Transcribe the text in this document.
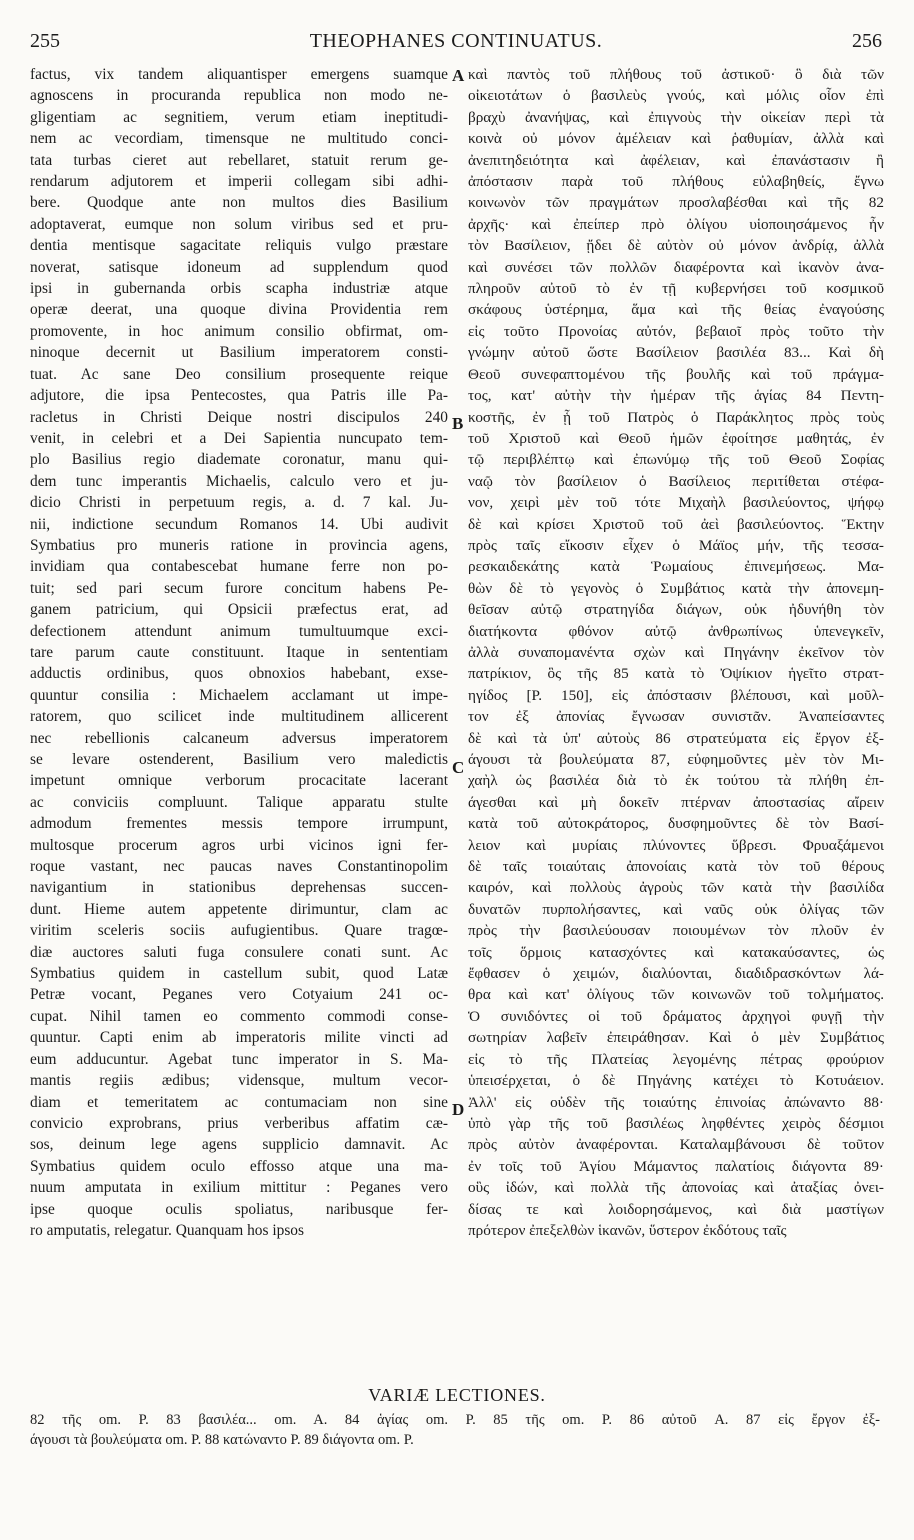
255	THEOPHANES CONTINUATUS.	256
factus, vix tandem aliquantisper emergens suamque
agnoscens in procuranda republica non modo ne-
gligentiam ac segnitiem, verum etiam ineptitudi-
nem ac vecordiam, timensque ne multitudo conci-
tata turbas cieret aut rebellaret, statuit rerum ge-
rendarum adjutorem et imperii collegam sibi adhi-
bere. Quodque ante non multos dies Basilium
adoptaverat, eumque non solum viribus sed et pru-
dentia mentisque sagacitate reliquis vulgo præstare
noverat, satisque idoneum ad supplendum quod
ipsi in gubernanda orbis scapha industriæ atque
operæ deerat, una quoque divina Providentia rem
promovente, in hoc animum consilio obfirmat, om-
ninoque decernit ut Basilium imperatorem consti-
tuat. Ac sane Deo consilium prosequente reique
adjutore, die ipsa Pentecostes, qua Patris ille Pa-
racletus in Christi Deique nostri discipulos 240
venit, in celebri et a Dei Sapientia nuncupato tem-
plo Basilius regio diademate coronatur, manu qui-
dem tunc imperantis Michaelis, calculo vero et ju-
dicio Christi in perpetuum regis, a. d. 7 kal. Ju-
nii, indictione secundum Romanos 14. Ubi audivit
Symbatius pro muneris ratione in provincia agens,
invidiam qua contabescebat humane ferre non po-
tuit; sed pari secum furore concitum habens Pe-
ganem patricium, qui Opsicii præfectus erat, ad
defectionem attendunt animum tumultuumque exci-
tare parum caute constituunt. Itaque in sententiam
adductis ordinibus, quos obnoxios habebant, exse-
quuntur consilia : Michaelem acclamant ut impe-
ratorem, quo scilicet inde multitudinem allicerent
nec rebellionis calcaneum adversus imperatorem
se levare ostenderent, Basilium vero maledictis
impetunt omnique verborum procacitate lacerant
ac conviciis compluunt. Talique apparatu stulte
admodum frementes messis tempore irrumpunt,
multosque procerum agros urbi vicinos igni fer-
roque vastant, nec paucas naves Constantinopolim
navigantium in stationibus deprehensas succen-
dunt. Hieme autem appetente dirimuntur, clam ac
viritim sceleris sociis aufugientibus. Quare tragœ-
diæ auctores saluti fuga consulere conati sunt. Ac
Symbatius quidem in castellum subit, quod Latæ
Petræ vocant, Peganes vero Cotyaium 241 oc-
cupat. Nihil tamen eo commento commodi conse-
quuntur. Capti enim ab imperatoris milite vincti ad
eum adducuntur. Agebat tunc imperator in S. Ma-
mantis regiis ædibus; vidensque, multum vecor-
diam et temeritatem ac contumaciam non sine
convicio exprobrans, prius verberibus affatim cæ-
sos, deinum lege agens supplicio damnavit. Ac
Symbatius quidem oculo effosso atque una ma-
nuum amputata in exilium mittitur : Peganes vero
ipse quoque oculis spoliatus, naribusque fer-
ro amputatis, relegatur. Quanquam hos ipsos
καὶ παντὸς τοῦ πλήθους τοῦ ἀστικοῦ· ὃ διὰ τῶν
οἰκειοτάτων ὁ βασιλεὺς γνούς, καὶ μόλις οἷον ἐπὶ
βραχὺ ἀνανήψας, καὶ ἐπιγνοὺς τὴν οἰκείαν περὶ τὰ
κοινὰ οὐ μόνον ἀμέλειαν καὶ ῥαθυμίαν, ἀλλὰ καὶ
ἀνεπιτηδειότητα καὶ ἀφέλειαν, καὶ ἐπανάστασιν ἢ
ἀπόστασιν παρὰ τοῦ πλήθους εὐλαβηθείς, ἔγνω
κοινωνὸν τῶν πραγμάτων προσλαβέσθαι καὶ τῆς 82
ἀρχῆς· καὶ ἐπείπερ πρὸ ὀλίγου υἱοποιησάμενος ἦν
τὸν Βασίλειον, ᾔδει δὲ αὐτὸν οὐ μόνον ἀνδρίᾳ, ἀλλὰ
καὶ συνέσει τῶν πολλῶν διαφέροντα καὶ ἱκανὸν ἀνα-
πληροῦν αὐτοῦ τὸ ἐν τῇ κυβερνήσει τοῦ κοσμικοῦ
σκάφους ὑστέρημα, ἅμα καὶ τῆς θείας ἐναγούσης
εἰς τοῦτο Προνοίας αὐτόν, βεβαιοῖ πρὸς τοῦτο τὴν
γνώμην αὐτοῦ ὥστε Βασίλειον βασιλέα 83... Καὶ δὴ
Θεοῦ συνεφαπτομένου τῆς βουλῆς καὶ τοῦ πράγμα-
τος, κατ' αὐτὴν τὴν ἡμέραν τῆς ἁγίας 84 Πεντη-
κοστῆς, ἐν ᾗ τοῦ Πατρὸς ὁ Παράκλητος πρὸς τοὺς
τοῦ Χριστοῦ καὶ Θεοῦ ἡμῶν ἐφοίτησε μαθητάς, ἐν
τῷ περιβλέπτῳ καὶ ἐπωνύμῳ τῆς τοῦ Θεοῦ Σοφίας
ναῷ τὸν βασίλειον ὁ Βασίλειος περιτίθεται στέφα-
νον, χειρὶ μὲν τοῦ τότε Μιχαὴλ βασιλεύοντος, ψήφῳ
δὲ καὶ κρίσει Χριστοῦ τοῦ ἀεὶ βασιλεύοντος. Ἕκτην
πρὸς ταῖς εἴκοσιν εἶχεν ὁ Μάϊος μήν, τῆς τεσσα-
ρεσκαιδεκάτης κατὰ Ῥωμαίους ἐπινεμήσεως. Μα-
θὼν δὲ τὸ γεγονὸς ὁ Συμβάτιος κατὰ τὴν ἀπονεμη-
θεῖσαν αὐτῷ στρατηγίδα διάγων, οὐκ ἠδυνήθη τὸν
διατήκοντα φθόνον αὐτῷ ἀνθρωπίνως ὑπενεγκεῖν,
ἀλλὰ συναπομανέντα σχὼν καὶ Πηγάνην ἐκεῖνον τὸν
πατρίκιον, ὃς τῆς 85 κατὰ τὸ Ὀψίκιον ἡγεῖτο στρατ-
ηγίδος [P. 150], εἰς ἀπόστασιν βλέπουσι, καὶ μοῦλ-
τον ἐξ ἀπονίας ἔγνωσαν συνιστᾶν. Ἀναπείσαντες
δὲ καὶ τὰ ὑπ' αὐτοὺς 86 στρατεύματα εἰς ἔργον ἐξ-
άγουσι τὰ βουλεύματα 87, εὐφημοῦντες μὲν τὸν Μι-
χαὴλ ὡς βασιλέα διὰ τὸ ἐκ τούτου τὰ πλήθη ἐπ-
άγεσθαι καὶ μὴ δοκεῖν πτέρναν ἀποστασίας αἴρειν
κατὰ τοῦ αὐτοκράτορος, δυσφημοῦντες δὲ τὸν Βασί-
λειον καὶ μυρίαις πλύνοντες ὕβρεσι. Φρυαξάμενοι
δὲ ταῖς τοιαύταις ἀπονοίαις κατὰ τὸν τοῦ θέρους
καιρόν, καὶ πολλοὺς ἀγροὺς τῶν κατὰ τὴν βασιλίδα
δυνατῶν πυρπολήσαντες, καὶ ναῦς οὐκ ὀλίγας τῶν
πρὸς τὴν βασιλεύουσαν ποιουμένων τὸν πλοῦν ἐν
τοῖς ὅρμοις κατασχόντες καὶ κατακαύσαντες, ὡς
ἔφθασεν ὁ χειμών, διαλύονται, διαδιδρασκόντων λά-
θρα καὶ κατ' ὀλίγους τῶν κοινωνῶν τοῦ τολμήματος.
Ὁ συνιδόντες οἱ τοῦ δράματος ἀρχηγοὶ φυγῇ τὴν
σωτηρίαν λαβεῖν ἐπειράθησαν. Καὶ ὁ μὲν Συμβάτιος
εἰς τὸ τῆς Πλατείας λεγομένης πέτρας φρούριον
ὑπεισέρχεται, ὁ δὲ Πηγάνης κατέχει τὸ Κοτυάειον.
Ἀλλ' εἰς οὐδὲν τῆς τοιαύτης ἐπινοίας ἀπώναντο 88·
ὑπὸ γὰρ τῆς τοῦ βασιλέως ληφθέντες χειρὸς δέσμιοι
πρὸς αὐτὸν ἀναφέρονται. Καταλαμβάνουσι δὲ τοῦτον
ἐν τοῖς τοῦ Ἁγίου Μάμαντος παλατίοις διάγοντα 89·
οὓς ἰδών, καὶ πολλὰ τῆς ἀπονοίας καὶ ἀταξίας ὀνει-
δίσας τε καὶ λοιδορησάμενος, καὶ διὰ μαστίγων
πρότερον ἐπεξελθὼν ἱκανῶν, ὕστερον ἐκδότους ταῖς
A
B
C
D
VARIÆ LECTIONES.
82 τῆς om. P. 83 βασιλέα... om. A. 84 ἁγίας om. P. 85 τῆς om. P. 86 αὐτοῦ A. 87 εἰς ἔργον ἐξ-
άγουσι τὰ βουλεύματα om. P. 88 κατώναντο P. 89 διάγοντα om. P.
